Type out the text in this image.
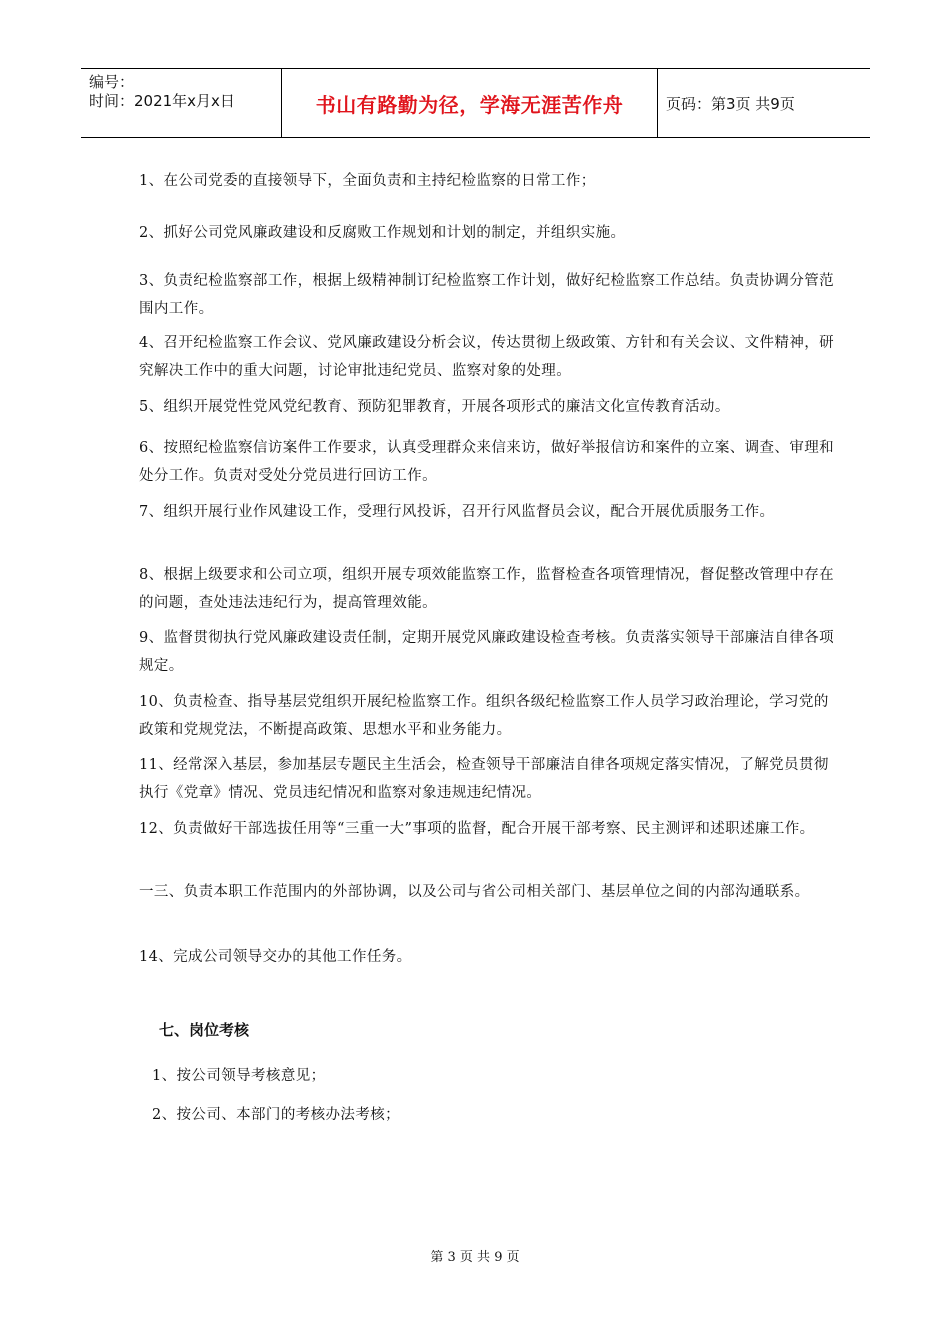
编号：
时间：2021年x月x日	书山有路勤为径，学海无涯苦作舟	页码：第3页 共9页
1、在公司党委的直接领导下，全面负责和主持纪检监察的日常工作；
2、抓好公司党风廉政建设和反腐败工作规划和计划的制定，并组织实施。
3、负责纪检监察部工作，根据上级精神制订纪检监察工作计划，做好纪检监察工作总结。负责协调分管范围内工作。
4、召开纪检监察工作会议、党风廉政建设分析会议，传达贯彻上级政策、方针和有关会议、文件精神，研究解决工作中的重大问题，讨论审批违纪党员、监察对象的处理。
5、组织开展党性党风党纪教育、预防犯罪教育，开展各项形式的廉洁文化宣传教育活动。
6、按照纪检监察信访案件工作要求，认真受理群众来信来访，做好举报信访和案件的立案、调查、审理和处分工作。负责对受处分党员进行回访工作。
7、组织开展行业作风建设工作，受理行风投诉，召开行风监督员会议，配合开展优质服务工作。
8、根据上级要求和公司立项，组织开展专项效能监察工作，监督检查各项管理情况，督促整改管理中存在的问题，查处违法违纪行为，提高管理效能。
9、监督贯彻执行党风廉政建设责任制，定期开展党风廉政建设检查考核。负责落实领导干部廉洁自律各项规定。
10、负责检查、指导基层党组织开展纪检监察工作。组织各级纪检监察工作人员学习政治理论，学习党的政策和党规党法，不断提高政策、思想水平和业务能力。
11、经常深入基层，参加基层专题民主生活会，检查领导干部廉洁自律各项规定落实情况，了解党员贯彻执行《党章》情况、党员违纪情况和监察对象违规违纪情况。
12、负责做好干部选拔任用等“三重一大”事项的监督，配合开展干部考察、民主测评和述职述廉工作。
一三、负责本职工作范围内的外部协调，以及公司与省公司相关部门、基层单位之间的内部沟通联系。
14、完成公司领导交办的其他工作任务。
七、岗位考核
1、按公司领导考核意见；
2、按公司、本部门的考核办法考核；
第 3 页 共 9 页
